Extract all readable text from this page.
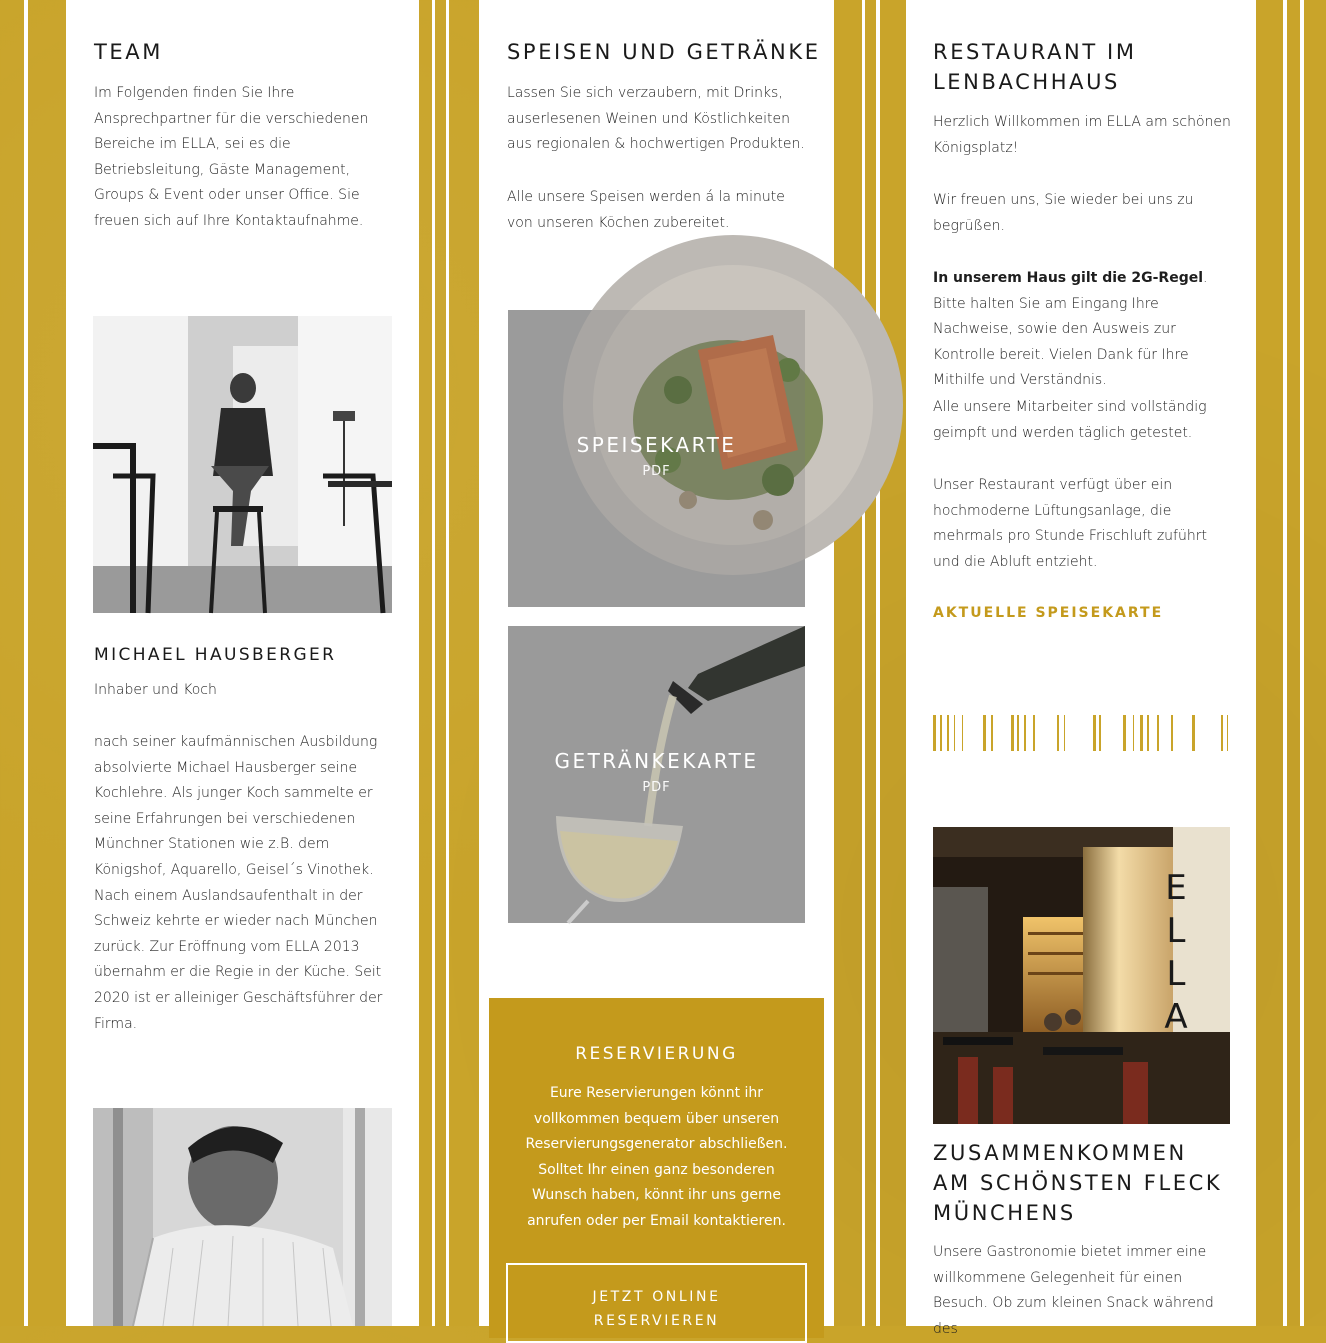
TEAM
Im Folgenden finden Sie Ihre Ansprechpartner für die verschiedenen Bereiche im ELLA, sei es die Betriebsleitung, Gäste Management, Groups & Event oder unser Office. Sie freuen sich auf Ihre Kontaktaufnahme.
MICHAEL HAUSBERGER
Inhaber und Koch
nach seiner kaufmännischen Ausbildung absolvierte Michael Hausberger seine Kochlehre. Als junger Koch sammelte er seine Erfahrungen bei verschiedenen Münchner Stationen wie z.B. dem Königshof, Aquarello, Geisel´s Vinothek. Nach einem Auslandsaufenthalt in der Schweiz kehrte er wieder nach München zurück. Zur Eröffnung vom ELLA 2013 übernahm er die Regie in der Küche. Seit 2020 ist er alleiniger Geschäftsführer der Firma.
SPEISEN UND GETRÄNKE
Lassen Sie sich verzaubern, mit Drinks, auserlesenen Weinen und Köstlichkeiten aus regionalen & hochwertigen Produkten.
Alle unsere Speisen werden á la minute von unseren Köchen zubereitet.
SPEISEKARTE
PDF
GETRÄNKEKARTE
PDF
RESERVIERUNG
Eure Reservierungen könnt ihr vollkommen bequem über unseren Reservierungsgenerator abschließen. Solltet Ihr einen ganz besonderen Wunsch haben, könnt ihr uns gerne anrufen oder per Email kontaktieren.
JETZT ONLINE
RESERVIEREN
RESTAURANT IM LENBACHHAUS
Herzlich Willkommen im ELLA am schönen Königsplatz!
Wir freuen uns, Sie wieder bei uns zu begrüßen.
In unserem Haus gilt die 2G-Regel. Bitte halten Sie am Eingang Ihre Nachweise, sowie den Ausweis zur Kontrolle bereit. Vielen Dank für Ihre Mithilfe und Verständnis.
Alle unsere Mitarbeiter sind vollständig geimpft und werden täglich getestet.
Unser Restaurant verfügt über ein hochmoderne Lüftungsanlage, die mehrmals pro Stunde Frischluft zuführt und die Abluft entzieht.
AKTUELLE SPEISEKARTE
ELLA
ZUSAMMENKOMMEN AM SCHÖNSTEN FLECK MÜNCHENS
Unsere Gastronomie bietet immer eine willkommene Gelegenheit für einen Besuch. Ob zum kleinen Snack während des
